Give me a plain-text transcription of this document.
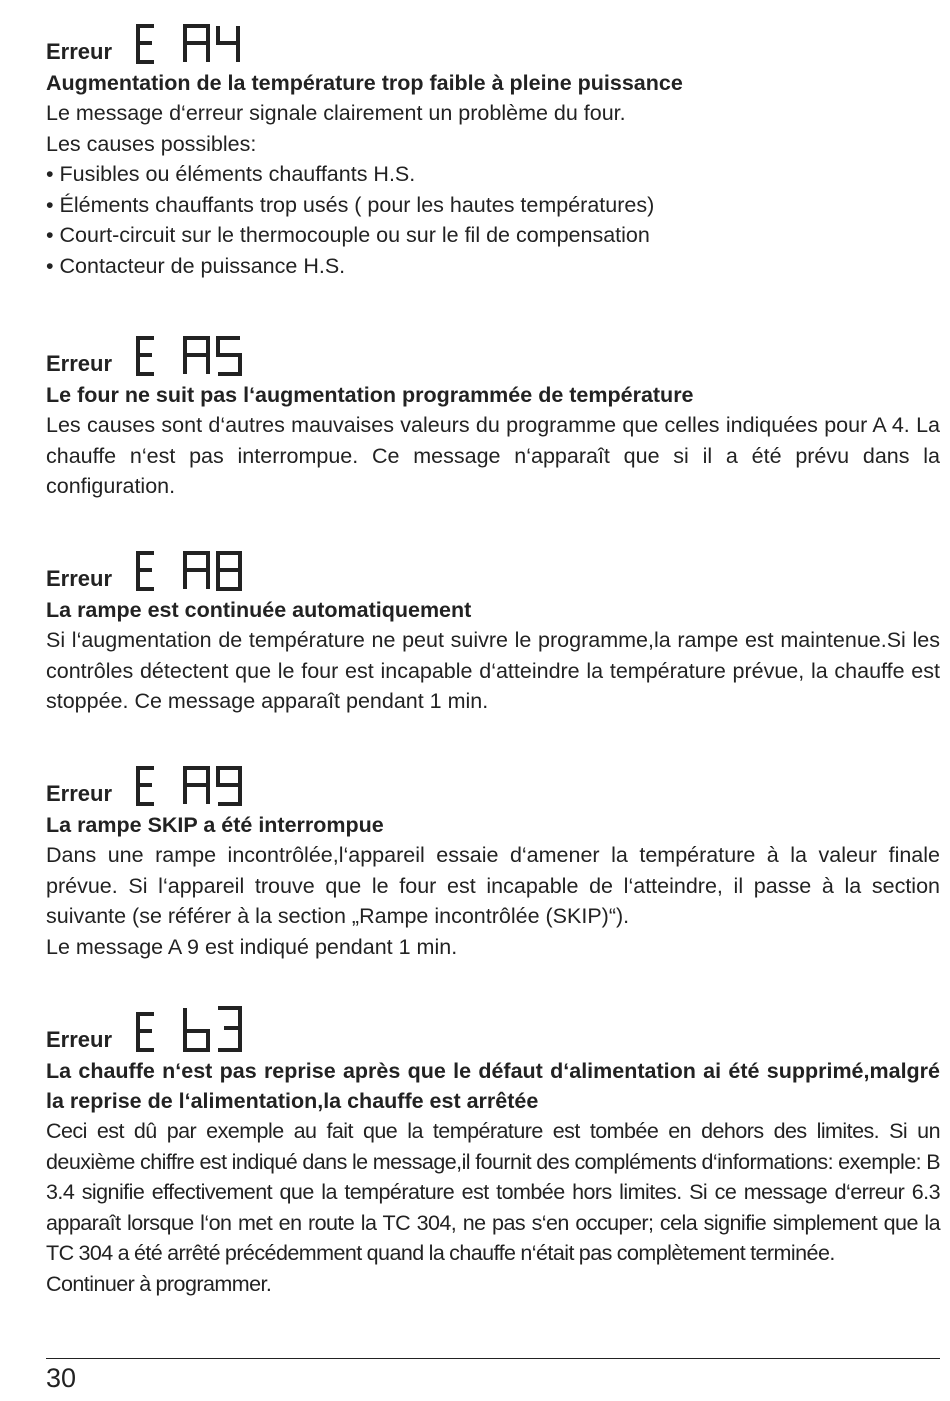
Erreur
Augmentation de la température trop faible à pleine puissance

Le message d‘erreur signale clairement un problème du four.

Les causes possibles:

• Fusibles ou éléments chauffants H.S.

• Éléments chauffants trop usés ( pour les hautes températures)

• Court-circuit sur le thermocouple ou sur le fil de compensation

• Contacteur de puissance H.S.

Erreur
Le four ne suit pas l‘augmentation programmée de température

Les causes sont d‘autres mauvaises valeurs du programme que celles indiquées pour A 4. La chauffe n‘est pas interrompue. Ce message n‘apparaît que si il a été prévu dans la configuration.

Erreur
La rampe est continuée automatiquement

Si l‘augmentation de température ne peut suivre le programme,la rampe est maintenue.Si les contrôles détectent que le four est incapable d‘atteindre la température prévue, la chauffe est stoppée. Ce message apparaît pendant 1 min.

Erreur
La rampe SKIP a été interrompue

Dans une rampe incontrôlée,l‘appareil essaie d‘amener la température à la valeur finale prévue. Si l‘appareil trouve que le four est incapable de l‘atteindre, il passe à la section suivante (se référer à la section „Rampe incontrôlée (SKIP)“).

Le message A 9 est indiqué pendant 1 min.

Erreur
La chauffe n‘est pas reprise après que le défaut d‘alimentation ai été supprimé,malgré la reprise de l‘alimentation,la chauffe est arrêtée

Ceci est dû par exemple au fait que la température est tombée en dehors des limites. Si un deuxième chiffre est indiqué dans le message,il fournit des compléments d‘informations: exemple: B 3.4 signifie effectivement que la température est tombée hors limites. Si ce message d‘erreur 6.3 apparaît lorsque l‘on met en route la TC 304, ne pas s‘en occuper; cela signifie simplement que la TC 304 a été arrêté précédemment quand la chauffe n‘était pas complètement terminée.

Continuer à programmer.

30
